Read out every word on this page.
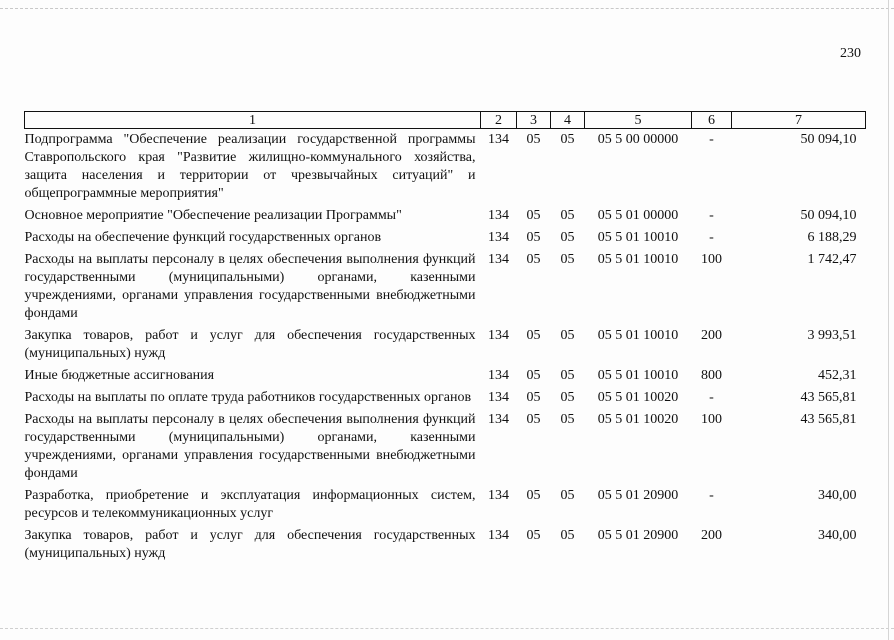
230
1	2	3	4	5	6	7
Подпрограмма "Обеспечение реализации государственной программы Ставропольского края "Развитие жилищно-коммунального хозяйства, защита населения и территории от чрезвычайных ситуаций" и общепрограммные мероприятия"	134	05	05	05 5 00 00000	-	50 094,10
Основное мероприятие "Обеспечение реализации Программы"	134	05	05	05 5 01 00000	-	50 094,10
Расходы на обеспечение функций государственных органов	134	05	05	05 5 01 10010	-	6 188,29
Расходы на выплаты персоналу в целях обеспечения выполнения функций государственными (муниципальными) органами, казенными учреждениями, органами управления государственными внебюджетными фондами	134	05	05	05 5 01 10010	100	1 742,47
Закупка товаров, работ и услуг для обеспечения государственных (муниципальных) нужд	134	05	05	05 5 01 10010	200	3 993,51
Иные бюджетные ассигнования	134	05	05	05 5 01 10010	800	452,31
Расходы на выплаты по оплате труда работников государственных органов	134	05	05	05 5 01 10020	-	43 565,81
Расходы на выплаты персоналу в целях обеспечения выполнения функций государственными (муниципальными) органами, казенными учреждениями, органами управления государственными внебюджетными фондами	134	05	05	05 5 01 10020	100	43 565,81
Разработка, приобретение и эксплуатация информационных систем, ресурсов и телекоммуникационных услуг	134	05	05	05 5 01 20900	-	340,00
Закупка товаров, работ и услуг для обеспечения государственных (муниципальных) нужд	134	05	05	05 5 01 20900	200	340,00
